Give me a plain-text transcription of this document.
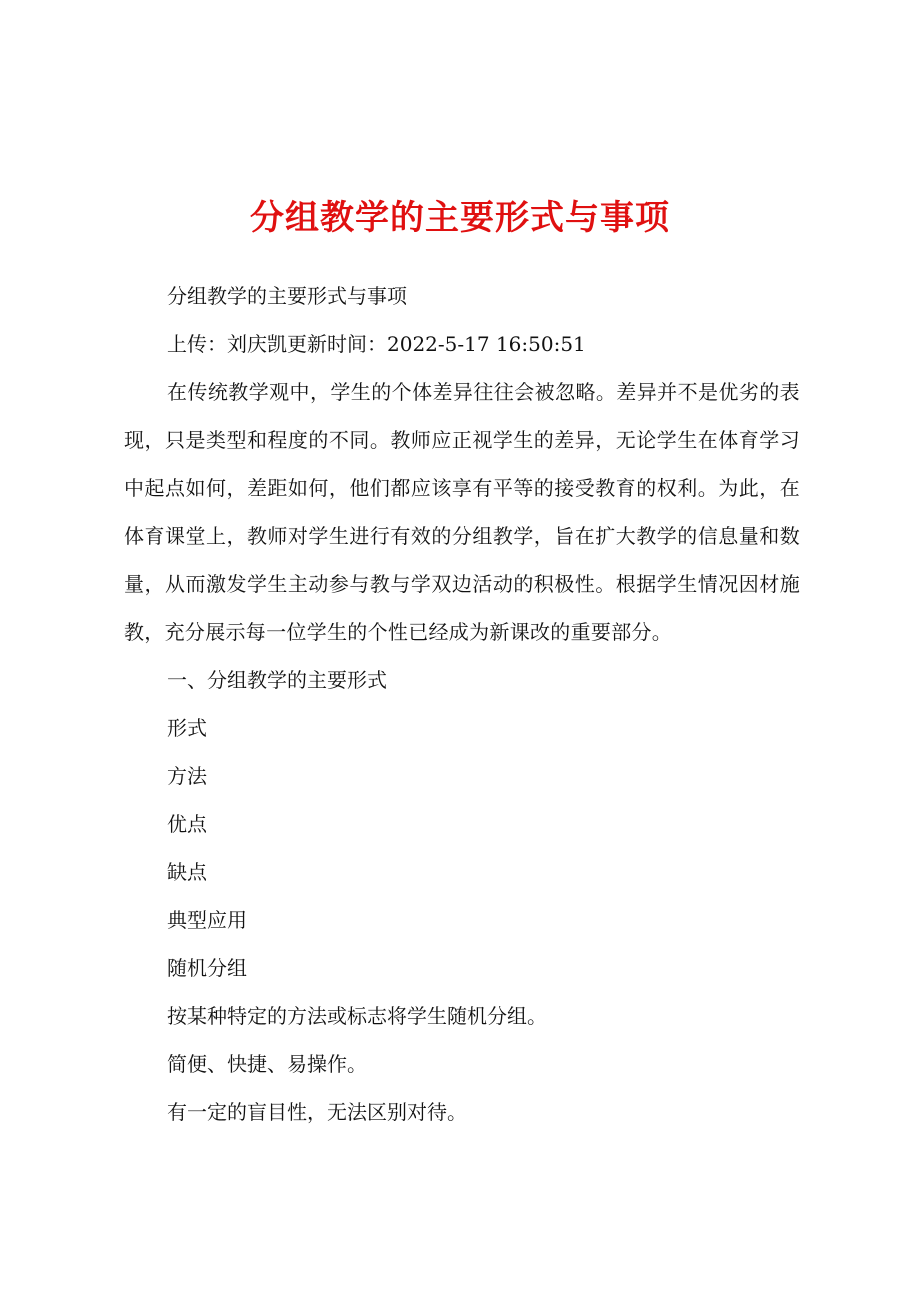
分组教学的主要形式与事项
分组教学的主要形式与事项
上传：刘庆凯更新时间：2022-5-17 16:50:51
在传统教学观中，学生的个体差异往往会被忽略。差异并不是优劣的表现，只是类型和程度的不同。教师应正视学生的差异，无论学生在体育学习中起点如何，差距如何，他们都应该享有平等的接受教育的权利。为此，在体育课堂上，教师对学生进行有效的分组教学，旨在扩大教学的信息量和数量，从而激发学生主动参与教与学双边活动的积极性。根据学生情况因材施教，充分展示每一位学生的个性已经成为新课改的重要部分。
一、分组教学的主要形式
形式
方法
优点
缺点
典型应用
随机分组
按某种特定的方法或标志将学生随机分组。
简便、快捷、易操作。
有一定的盲目性，无法区别对待。
